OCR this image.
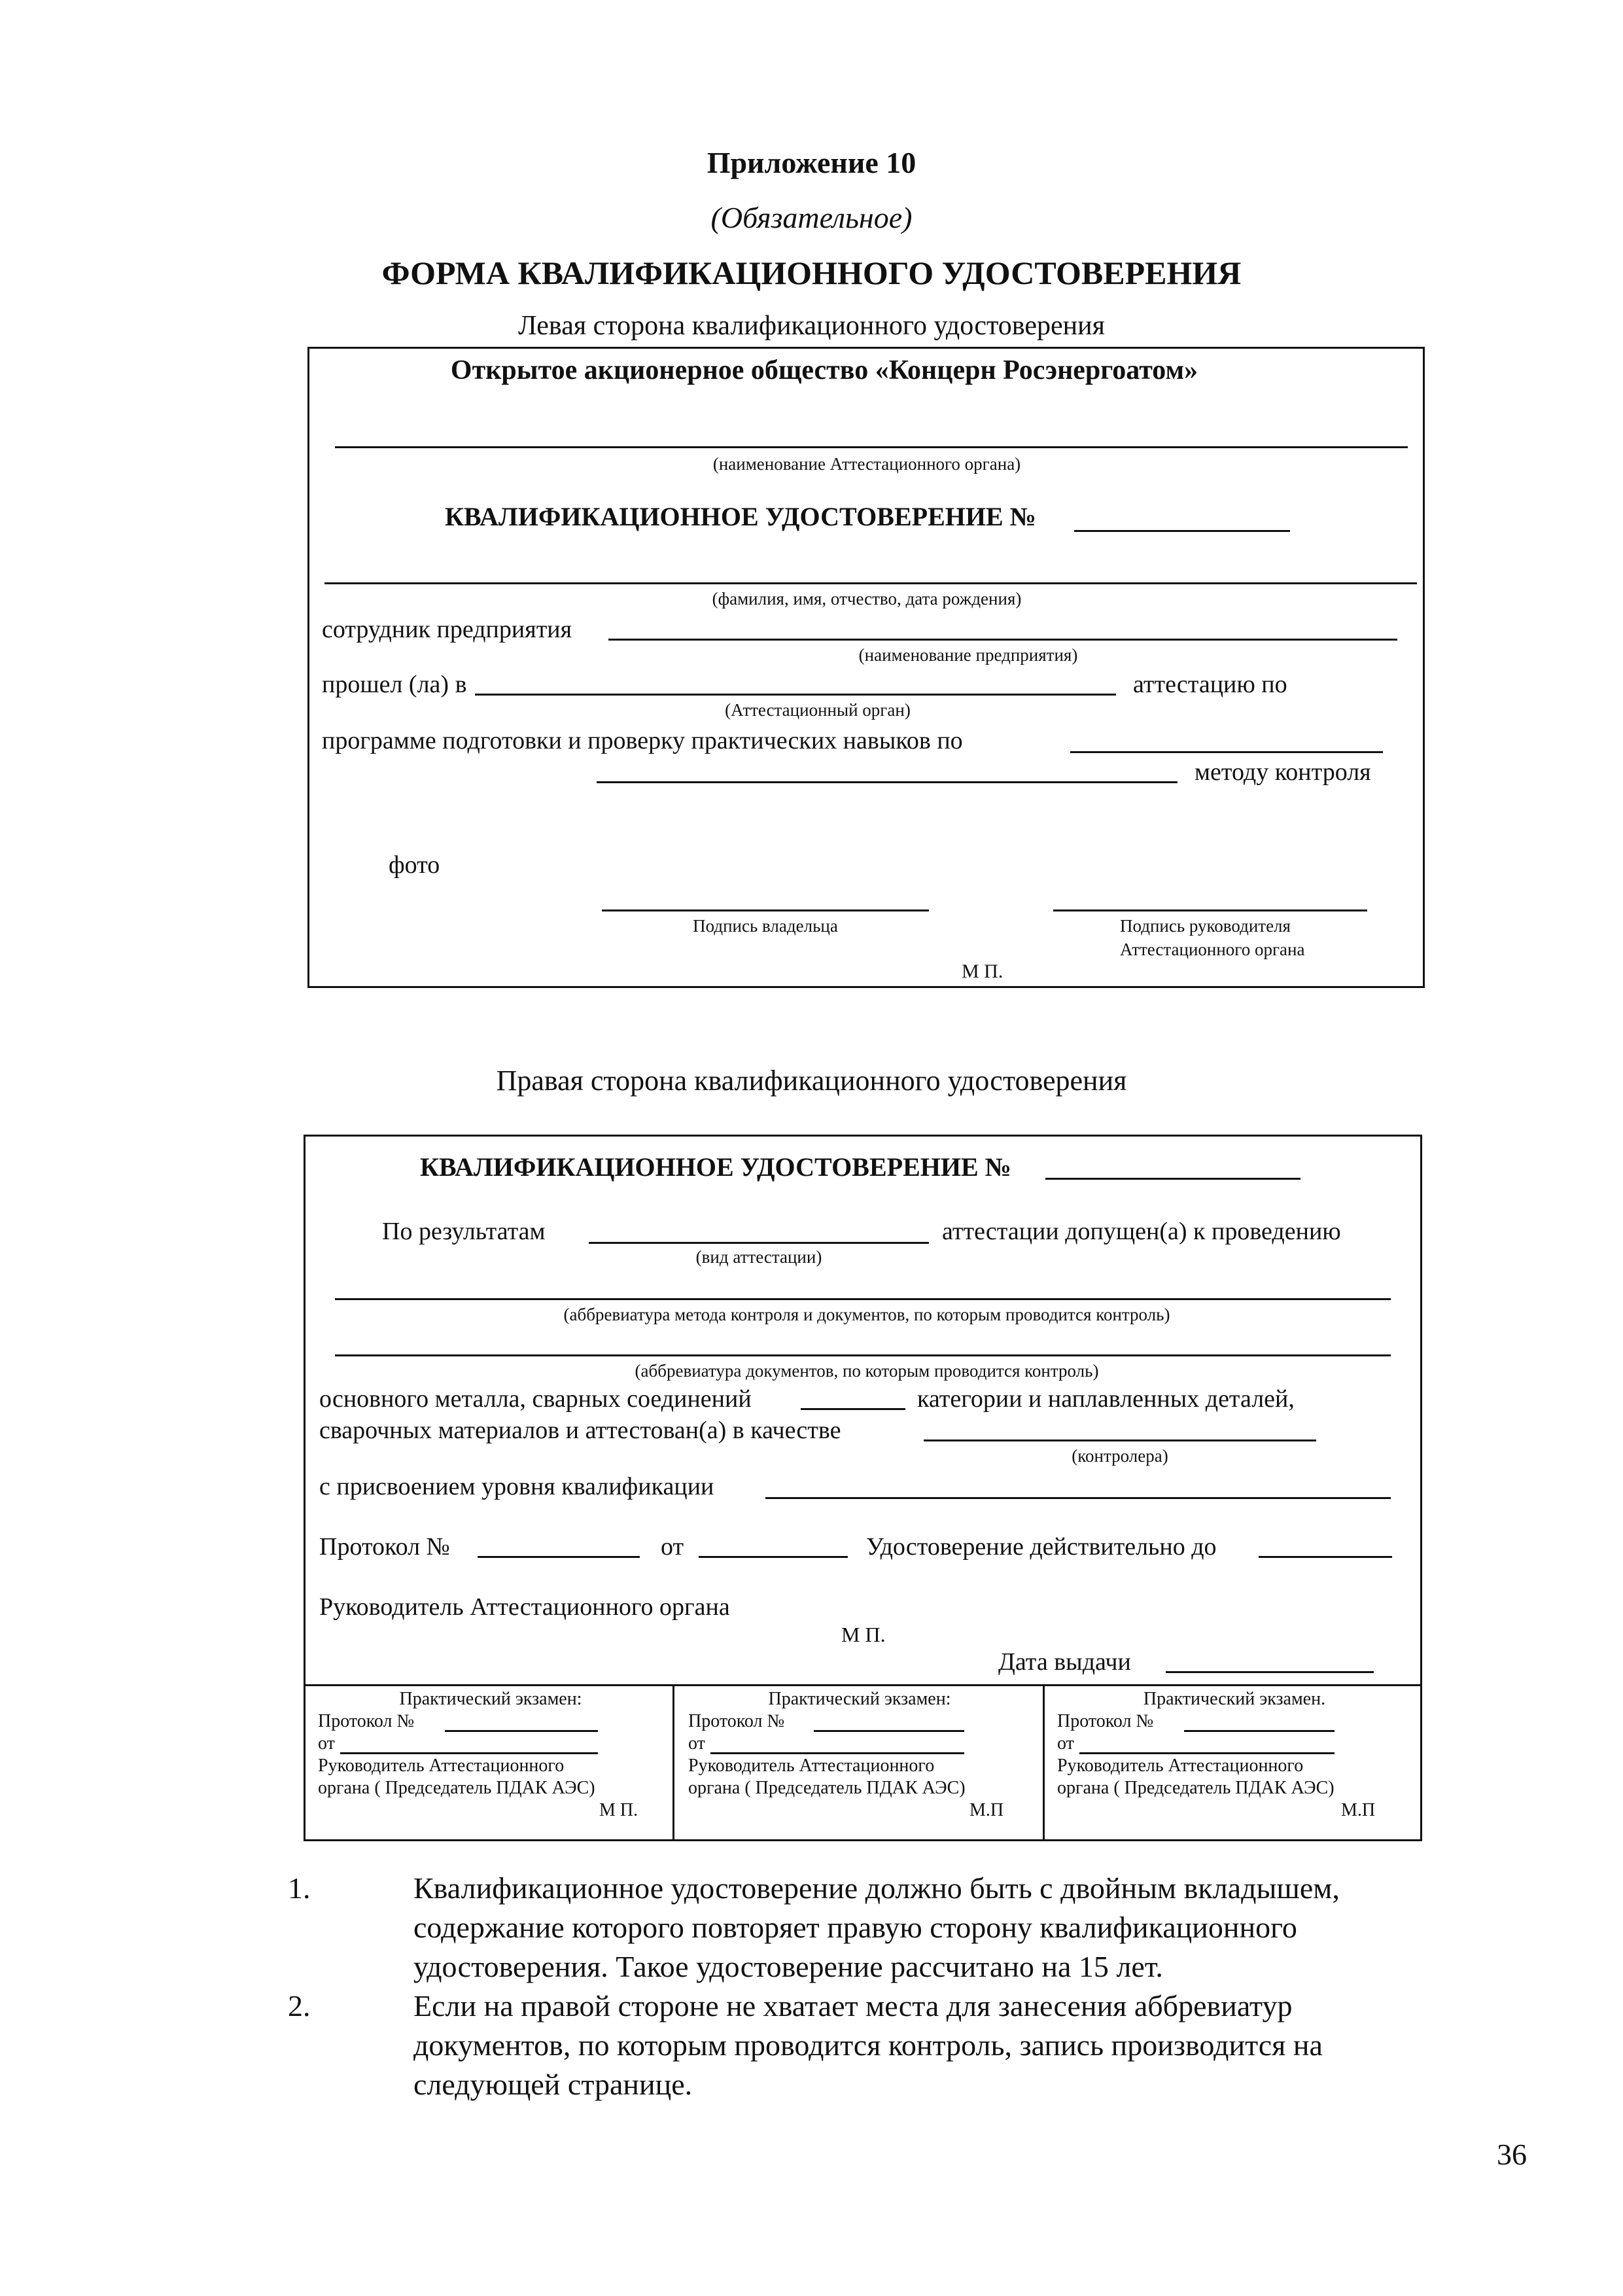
Приложение 10
(Обязательное)
ФОРМА КВАЛИФИКАЦИОННОГО УДОСТОВЕРЕНИЯ
Левая сторона квалификационного удостоверения
Открытое акционерное общество «Концерн Росэнергоатом»
(наименование Аттестационного органа)
КВАЛИФИКАЦИОННОЕ УДОСТОВЕРЕНИЕ №
(фамилия, имя, отчество, дата рождения)
сотрудник предприятия
(наименование предприятия)
прошел (ла) в	аттестацию по
(Аттестационный орган)
программе подготовки и проверку практических навыков по
методу контроля
фото
Подпись владельца	Подпись руководителя
Аттестационного органа
М П.
Правая сторона квалификационного удостоверения
КВАЛИФИКАЦИОННОЕ УДОСТОВЕРЕНИЕ №
По результатам	аттестации допущен(а) к проведению
(вид аттестации)
(аббревиатура метода контроля и документов, по которым проводится контроль)
(аббревиатура документов, по которым проводится контроль)
основного металла, сварных соединений	категории и наплавленных деталей,
сварочных материалов и аттестован(а) в качестве
(контролера)
с присвоением уровня квалификации
Протокол №	от	Удостоверение действительно до
Руководитель Аттестационного органа
М П.
Дата выдачи
Практический экзамен:
Протокол №
от
Руководитель Аттестационного
органа ( Председатель ПДАК АЭС)
М П.
Практический экзамен:
Протокол №
от
Руководитель Аттестационного
органа ( Председатель ПДАК АЭС)
М.П
Практический экзамен.
Протокол №
от
Руководитель Аттестационного
органа ( Председатель ПДАК АЭС)
М.П
1.	Квалификационное удостоверение должно быть с двойным вкладышем, содержание которого повторяет правую сторону квалификационного удостоверения. Такое удостоверение рассчитано на 15 лет.
2.	Если на правой стороне не хватает места для занесения аббревиатур документов, по которым проводится контроль, запись производится на следующей странице.
36
